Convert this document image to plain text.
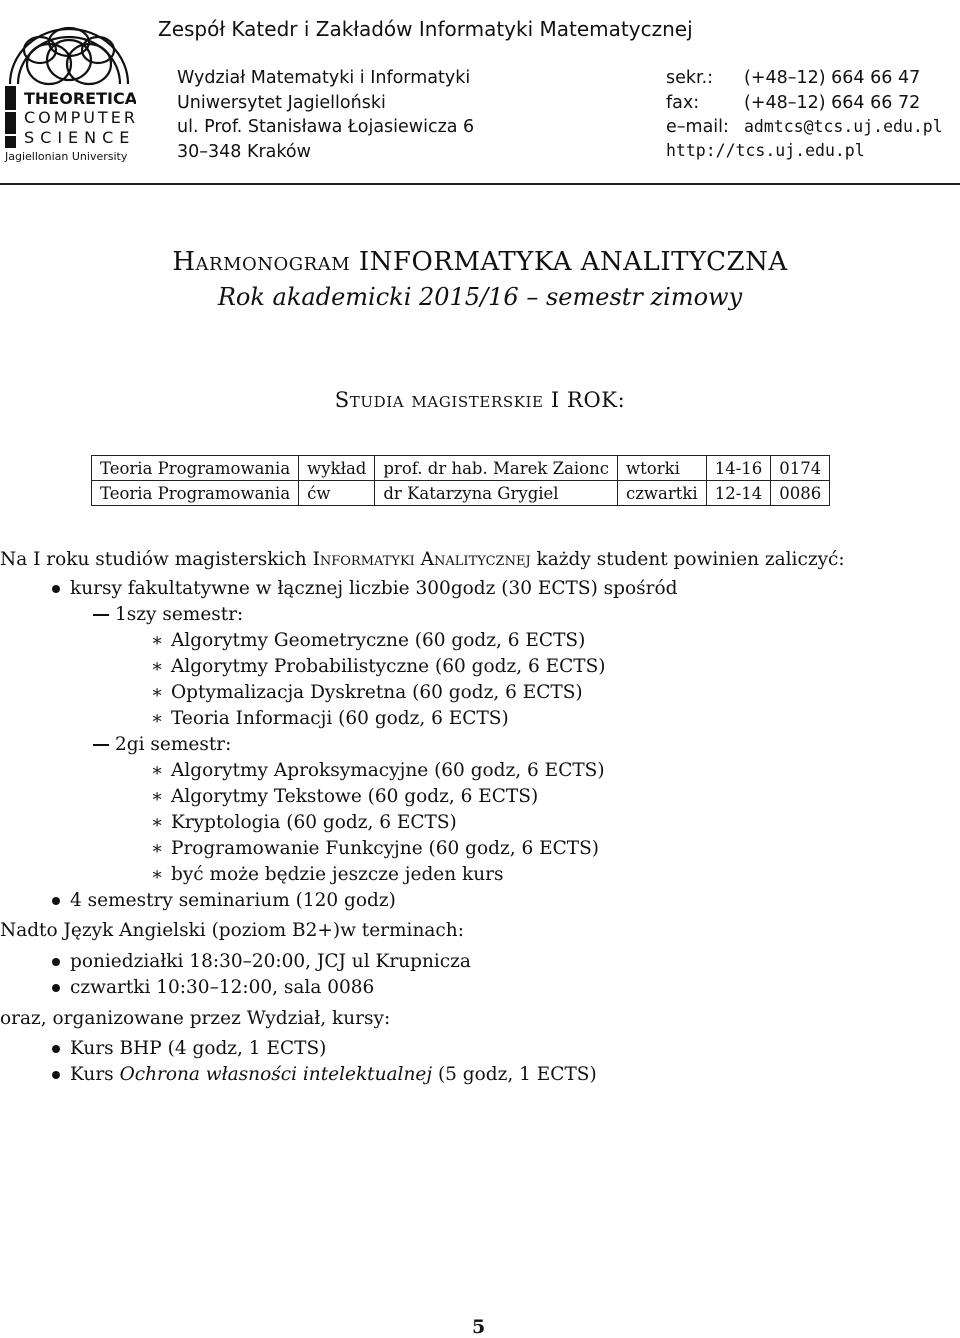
THEORETICAL
COMPUTER
SCIENCE
Jagiellonian University
Zespół Katedr i Zakładów Informatyki Matematycznej
Wydział Matematyki i Informatyki
Uniwersytet Jagielloński
ul. Prof. Stanisława Łojasiewicza 6
30–348 Kraków
sekr.:
fax:
e–mail:
(+48–12) 664 66 47
(+48–12) 664 66 72
admtcs@tcs.uj.edu.pl
http://tcs.uj.edu.pl
Harmonogram INFORMATYKA ANALITYCZNA
Rok akademicki 2015/16 – semestr zimowy
Studia magisterskie I ROK:
Teoria Programowania	wykład	prof. dr hab. Marek Zaionc	wtorki	14-16	0174
Teoria Programowania	ćw	dr Katarzyna Grygiel	czwartki	12-14	0086
Na I roku studiów magisterskich Informatyki Analitycznej każdy student powinien zaliczyć:
kursy fakultatywne w łącznej liczbie 300godz (30 ECTS) spośród
1szy semestr:
∗ Algorytmy Geometryczne (60 godz, 6 ECTS)
∗ Algorytmy Probabilistyczne (60 godz, 6 ECTS)
∗ Optymalizacja Dyskretna (60 godz, 6 ECTS)
∗ Teoria Informacji (60 godz, 6 ECTS)
2gi semestr:
∗ Algorytmy Aproksymacyjne (60 godz, 6 ECTS)
∗ Algorytmy Tekstowe (60 godz, 6 ECTS)
∗ Kryptologia (60 godz, 6 ECTS)
∗ Programowanie Funkcyjne (60 godz, 6 ECTS)
∗ być może będzie jeszcze jeden kurs
4 semestry seminarium (120 godz)
Nadto Język Angielski (poziom B2+)w terminach:
poniedziałki 18:30–20:00, JCJ ul Krupnicza
czwartki 10:30–12:00, sala 0086
oraz, organizowane przez Wydział, kursy:
Kurs BHP (4 godz, 1 ECTS)
Kurs Ochrona własności intelektualnej (5 godz, 1 ECTS)
5
